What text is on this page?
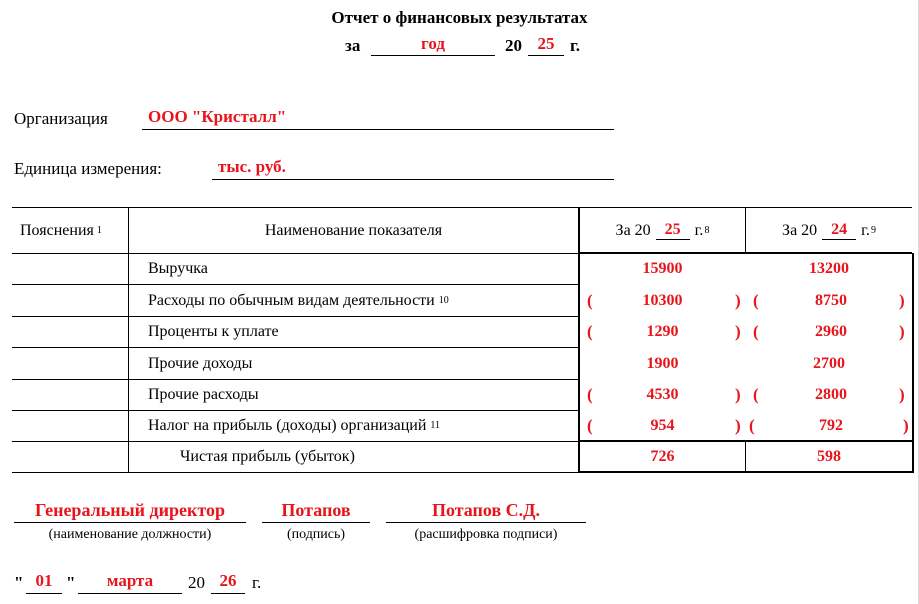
Отчет о финансовых результатах
за	год	20 25 г.
Организация	ООО "Кристалл"
Единица измерения:	тыс. руб.
Пояснения 1	Наименование показателя	За 20 25 г. 8	За 20 24 г. 9
Выручка	15900	13200
Расходы по обычным видам деятельности 10	(	10300	) (	8750	)
Проценты к уплате	(	1290	) (	2960	)
Прочие доходы	1900	2700
Прочие расходы	(	4530	) (	2800	)
Налог на прибыль (доходы) организаций 11	(	954	) (	792	)
Чистая прибыль (убыток)	726	598
Генеральный директор
(наименование должности)
Потапов
(подпись)
Потапов С.Д.
(расшифровка подписи)
" 01 "	марта	20 26 г.
